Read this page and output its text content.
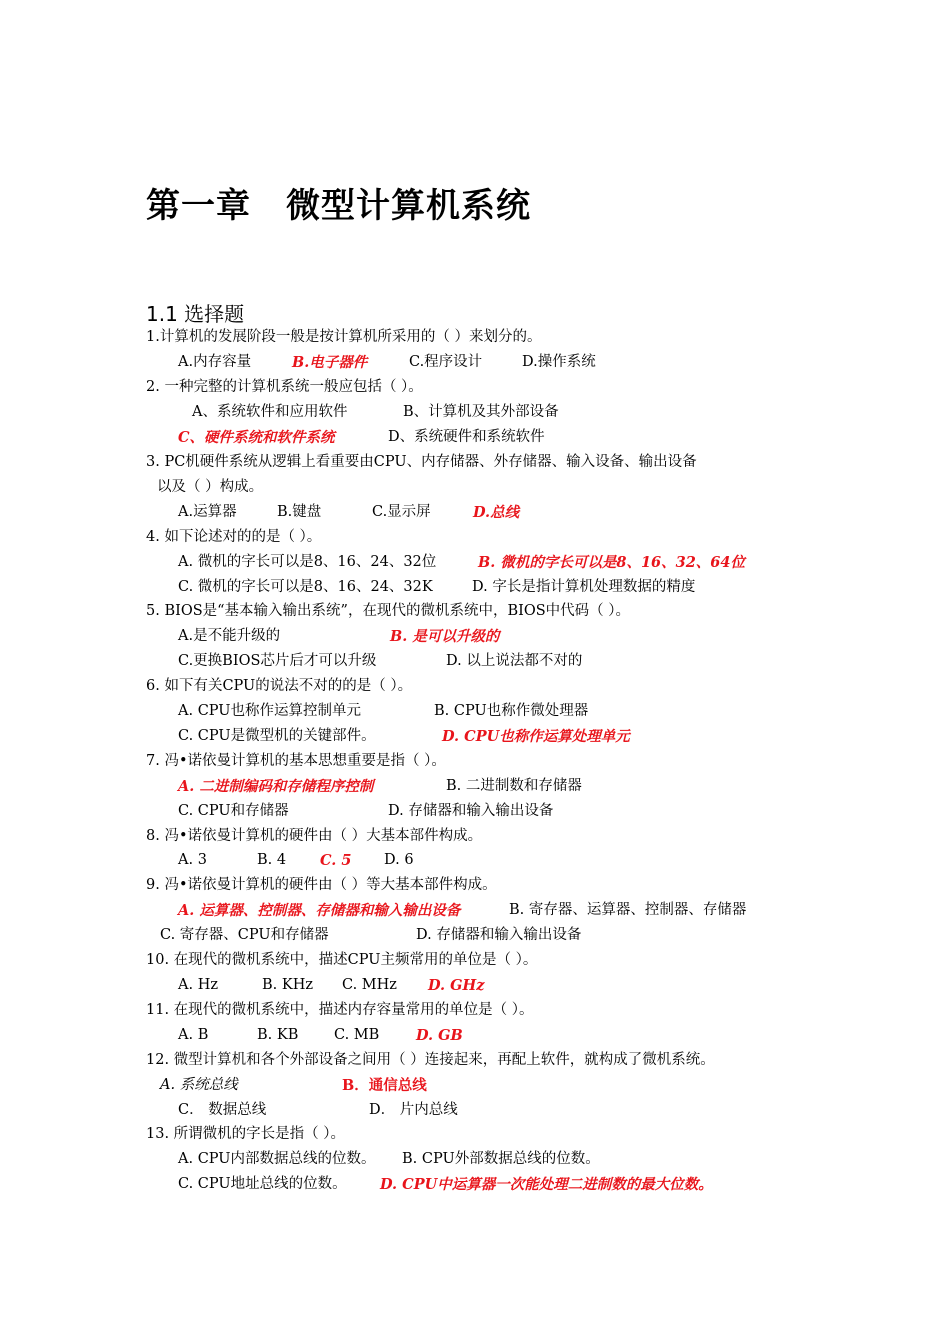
第一章　微型计算机系统
1.1 选择题
1.计算机的发展阶段一般是按计算机所采用的（ ）来划分的。
A.内存容量	B.电子器件	C.程序设计	D.操作系统
2. 一种完整的计算机系统一般应包括（ ）。
A、系统软件和应用软件	B、计算机及其外部设备
C、硬件系统和软件系统	D、系统硬件和系统软件
3. PC机硬件系统从逻辑上看重要由CPU、内存储器、外存储器、输入设备、输出设备
以及（ ）构成。
A.运算器	B.键盘	C.显示屏	D.总线
4. 如下论述对的的是（ ）。
A. 微机的字长可以是8、16、24、32位	B. 微机的字长可以是8、16、32、64位
C. 微机的字长可以是8、16、24、32K	D. 字长是指计算机处理数据的精度
5. BIOS是“基本输入输出系统”，在现代的微机系统中，BIOS中代码（ ）。
A.是不能升级的	B. 是可以升级的
C.更换BIOS芯片后才可以升级	D. 以上说法都不对的
6. 如下有关CPU的说法不对的的是（ ）。
A. CPU也称作运算控制单元	B. CPU也称作微处理器
C. CPU是微型机的关键部件。	D. CPU也称作运算处理单元
7. 冯•诺依曼计算机的基本思想重要是指（ ）。
A. 二进制编码和存储程序控制	B. 二进制数和存储器
C. CPU和存储器	D. 存储器和输入输出设备
8. 冯•诺依曼计算机的硬件由（ ）大基本部件构成。
A. 3	B. 4 C. 5 D. 6
9. 冯•诺依曼计算机的硬件由（ ）等大基本部件构成。
A. 运算器、控制器、存储器和输入输出设备	B. 寄存器、运算器、控制器、存储器
C. 寄存器、CPU和存储器	D. 存储器和输入输出设备
10. 在现代的微机系统中，描述CPU主频常用的单位是（ ）。
A. Hz	B. KHz C. MHz D. GHz
11. 在现代的微机系统中，描述内存容量常用的单位是（ ）。
A. B	B. KB C. MB	D. GB
12. 微型计算机和各个外部设备之间用（ ）连接起来，再配上软件，就构成了微机系统。
A. 系统总线	B．通信总线
C． 数据总线	D． 片内总线
13. 所谓微机的字长是指（ ）。
A. CPU内部数据总线的位数。 B. CPU外部数据总线的位数。
C. CPU地址总线的位数。 D. CPU中运算器一次能处理二进制数的最大位数。
